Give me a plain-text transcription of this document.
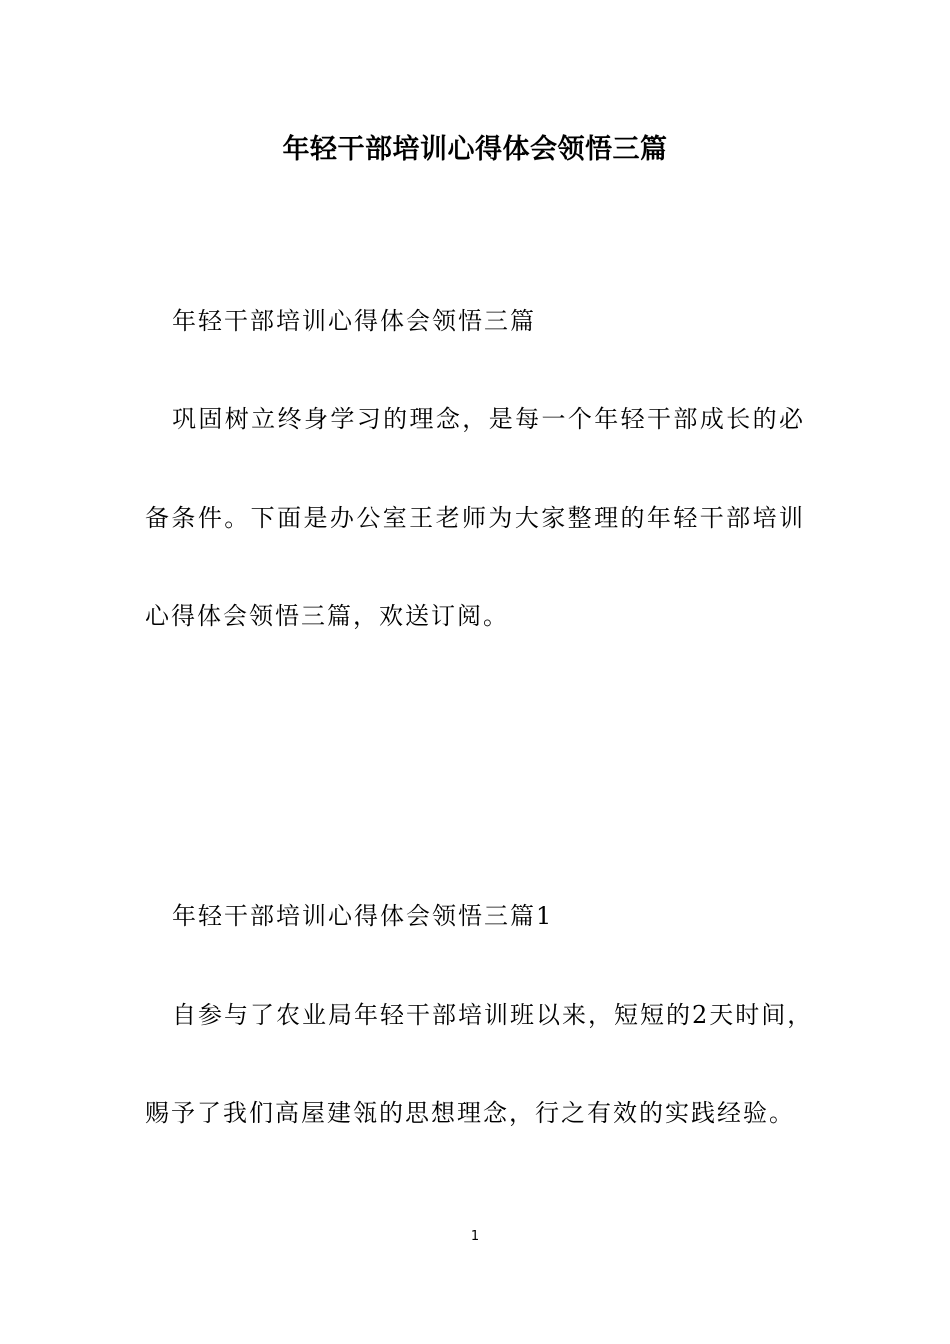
年轻干部培训心得体会领悟三篇
年轻干部培训心得体会领悟三篇
巩固树立终身学习的理念，是每一个年轻干部成长的必
备条件。下面是办公室王老师为大家整理的年轻干部培训
心得体会领悟三篇，欢送订阅。
年轻干部培训心得体会领悟三篇1
自参与了农业局年轻干部培训班以来，短短的2天时间，
赐予了我们高屋建瓴的思想理念，行之有效的实践经验。
1
